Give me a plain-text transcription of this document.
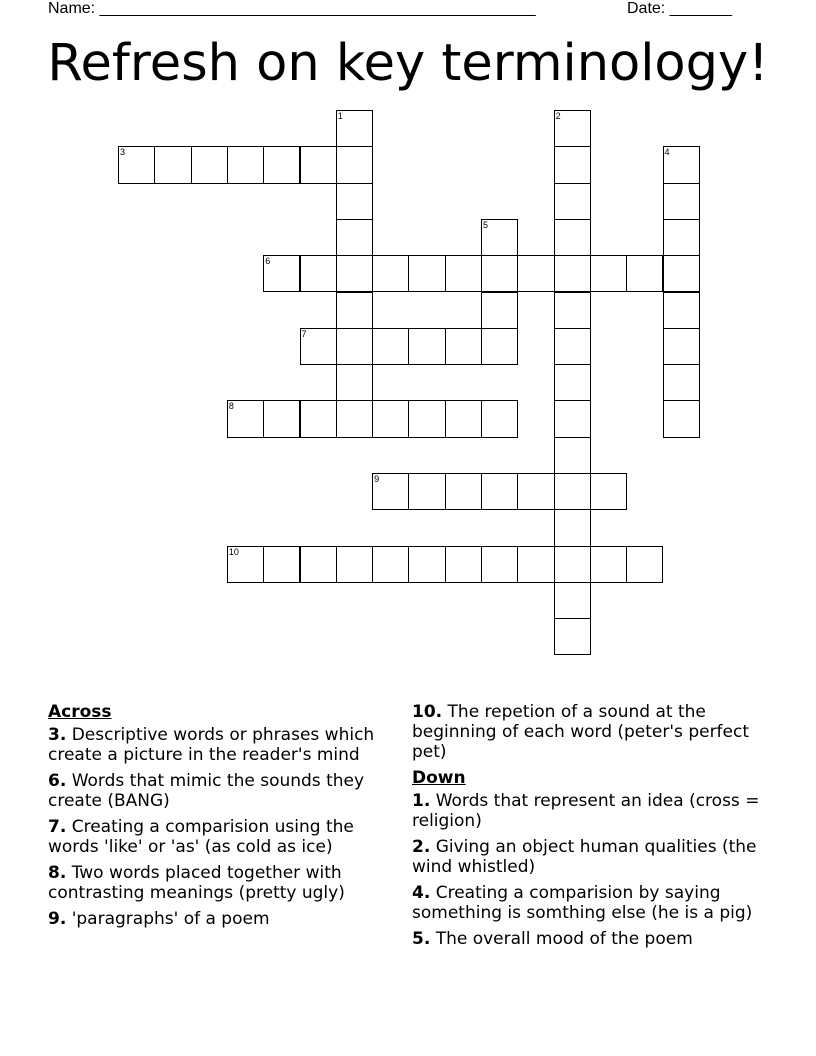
Name: _________________________________________________	Date: _______
Refresh on key terminology!
1	2
3	4
5
6
7
8
9
10
Across
3. Descriptive words or phrases which create a picture in the reader's mind
6. Words that mimic the sounds they create (BANG)
7. Creating a comparision using the words 'like' or 'as' (as cold as ice)
8. Two words placed together with contrasting meanings (pretty ugly)
9. 'paragraphs' of a poem
10. The repetion of a sound at the beginning of each word (peter's perfect pet)
Down
1. Words that represent an idea (cross = religion)
2. Giving an object human qualities (the wind whistled)
4. Creating a comparision by saying something is somthing else (he is a pig)
5. The overall mood of the poem
